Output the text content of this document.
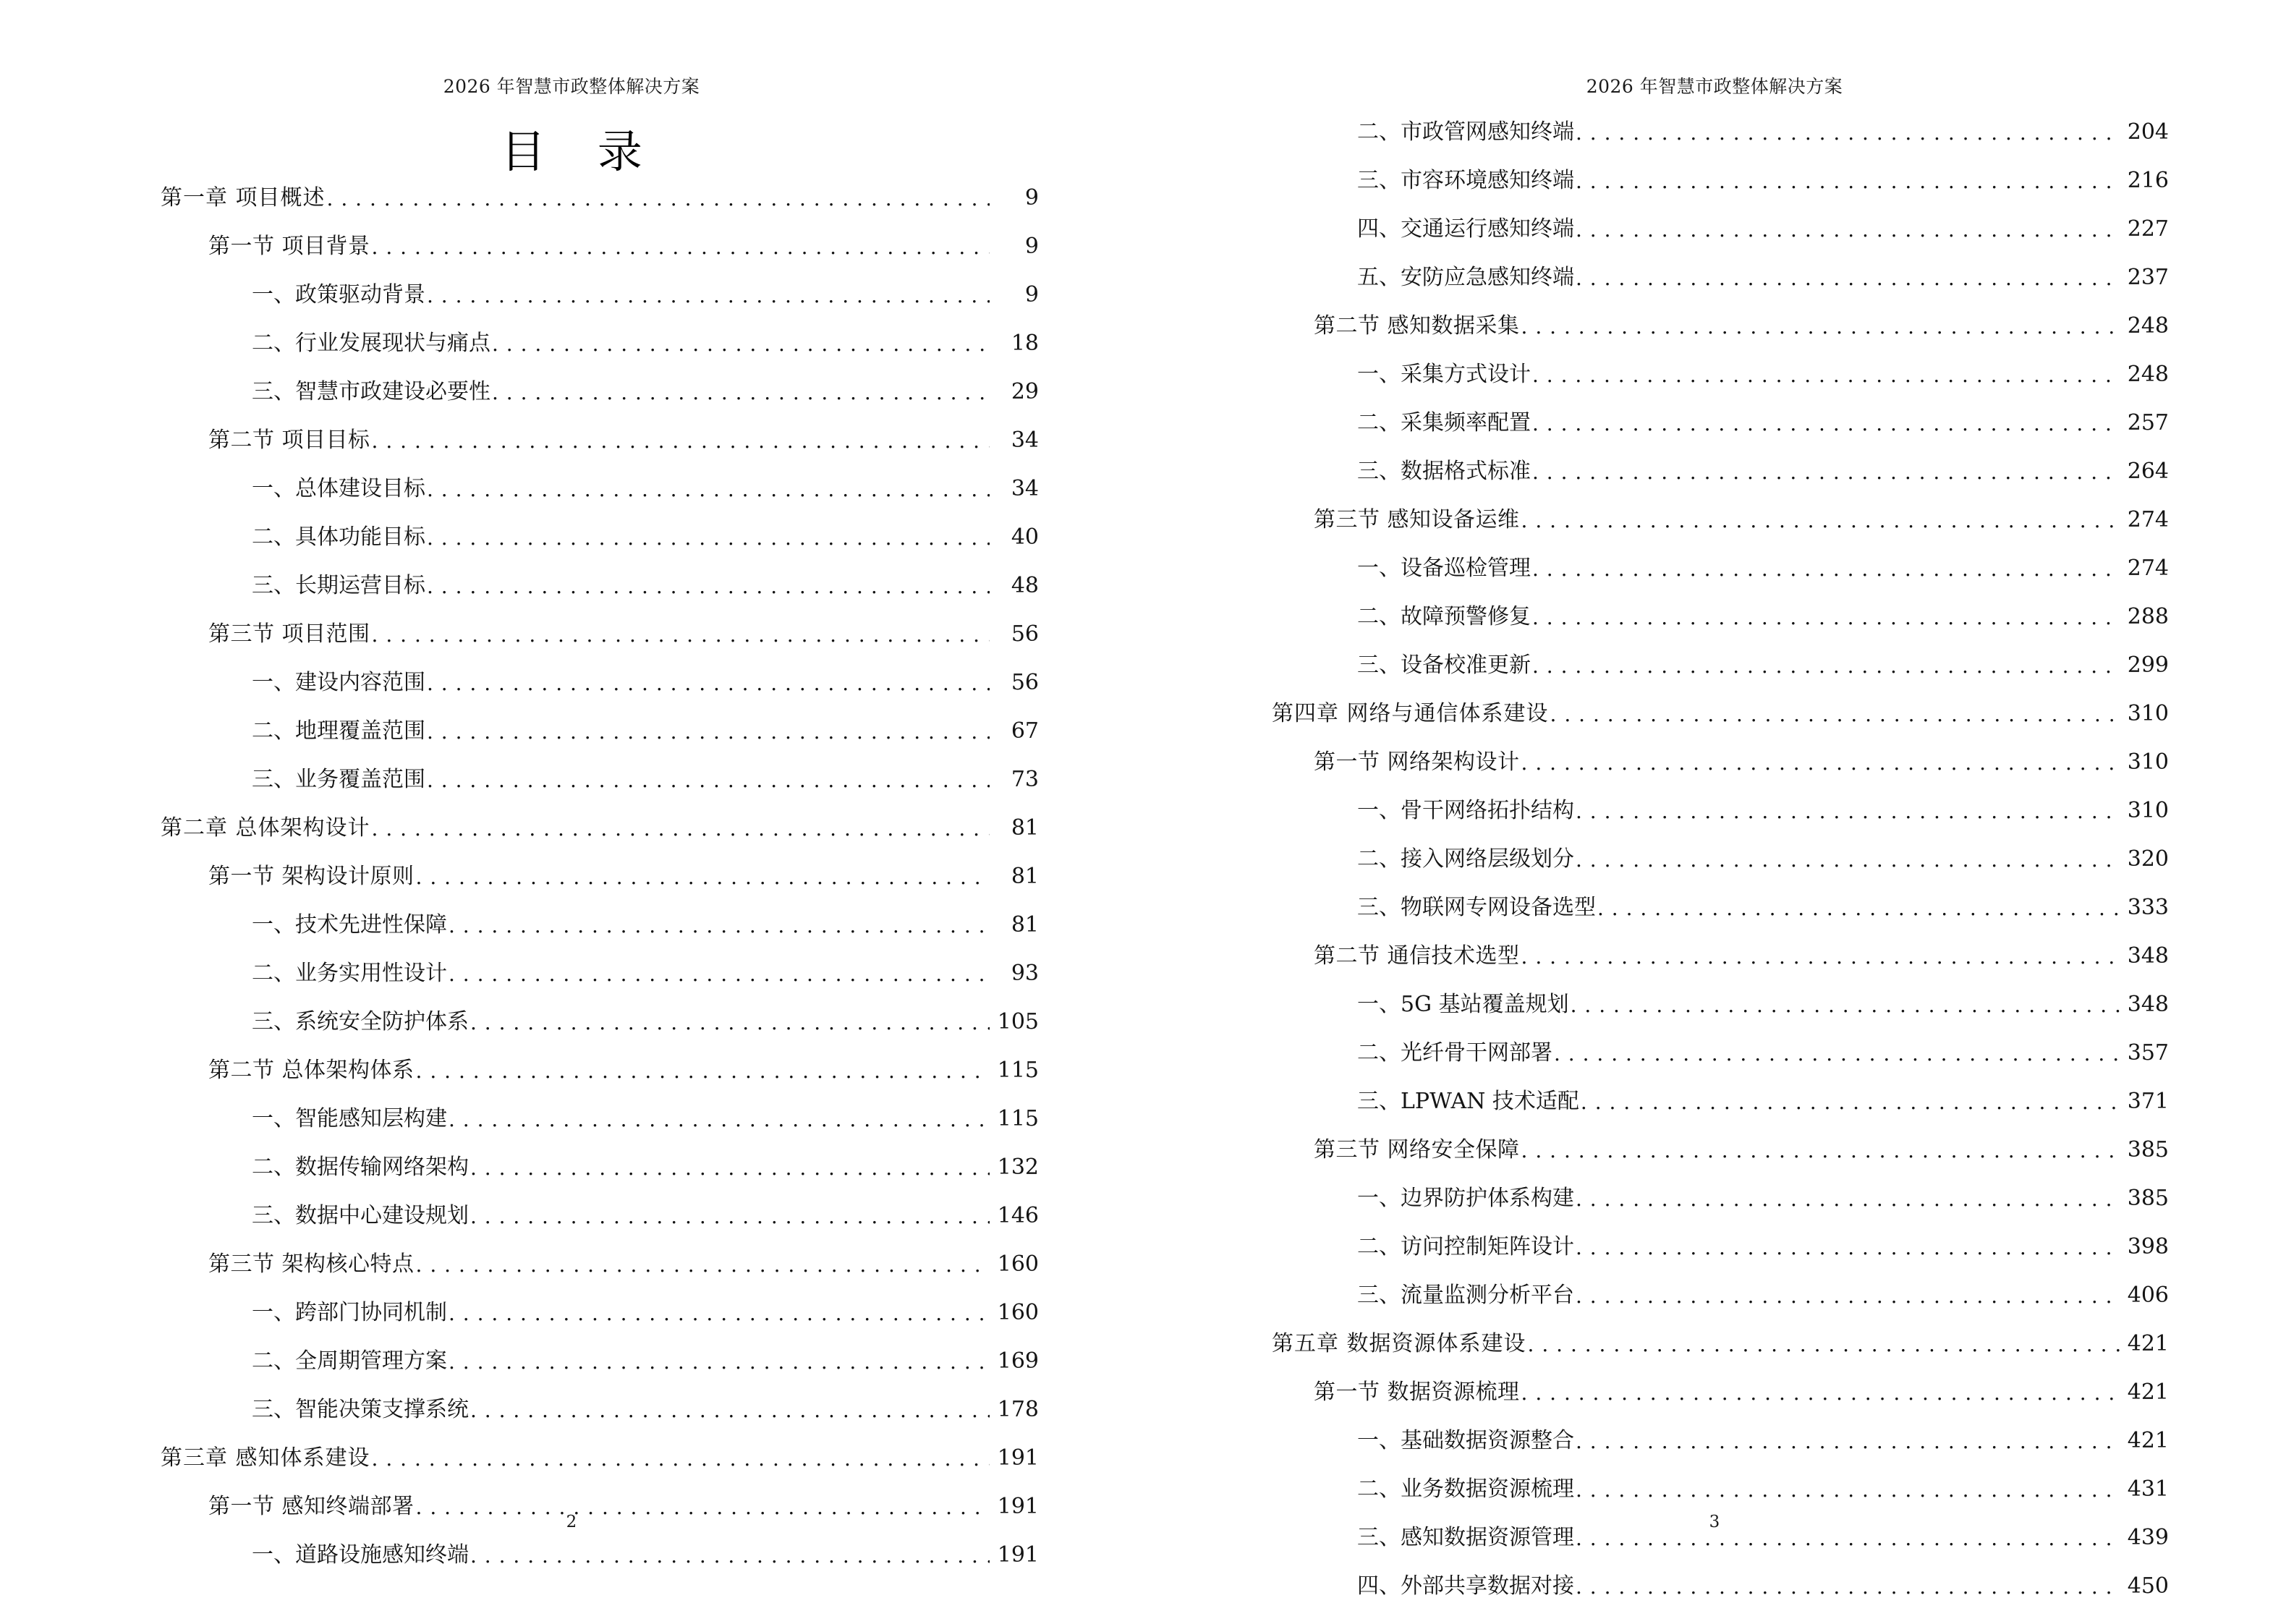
2026 年智慧市政整体解决方案
目 录
第一章 项目概述 . . .	9
第一节 项目背景 . . .	9
一、政策驱动背景 . . .	9
二、行业发展现状与痛点 . . .	18
三、智慧市政建设必要性 . . .	29
第二节 项目目标 . . .	34
一、总体建设目标 . . .	34
二、具体功能目标 . . .	40
三、长期运营目标 . . .	48
第三节 项目范围 . . .	56
一、建设内容范围 . . .	56
二、地理覆盖范围 . . .	67
三、业务覆盖范围 . . .	73
第二章 总体架构设计 . . .	81
第一节 架构设计原则 . . .	81
一、技术先进性保障 . . .	81
二、业务实用性设计 . . .	93
三、系统安全防护体系 . . .	105
第二节 总体架构体系 . . .	115
一、智能感知层构建 . . .	115
二、数据传输网络架构 . . .	132
三、数据中心建设规划 . . .	146
第三节 架构核心特点 . . .	160
一、跨部门协同机制 . . .	160
二、全周期管理方案 . . .	169
三、智能决策支撑系统 . . .	178
第三章 感知体系建设 . . .	191
第一节 感知终端部署 . . .	191
一、道路设施感知终端 . . .	191
2
2026 年智慧市政整体解决方案
二、市政管网感知终端 . . .	204
三、市容环境感知终端 . . .	216
四、交通运行感知终端 . . .	227
五、安防应急感知终端 . . .	237
第二节 感知数据采集 . . .	248
一、采集方式设计 . . .	248
二、采集频率配置 . . .	257
三、数据格式标准 . . .	264
第三节 感知设备运维 . . .	274
一、设备巡检管理 . . .	274
二、故障预警修复 . . .	288
三、设备校准更新 . . .	299
第四章 网络与通信体系建设 . . .	310
第一节 网络架构设计 . . .	310
一、骨干网络拓扑结构 . . .	310
二、接入网络层级划分 . . .	320
三、物联网专网设备选型 . . .	333
第二节 通信技术选型 . . .	348
一、5G 基站覆盖规划 . . .	348
二、光纤骨干网部署 . . .	357
三、LPWAN 技术适配 . . .	371
第三节 网络安全保障 . . .	385
一、边界防护体系构建 . . .	385
二、访问控制矩阵设计 . . .	398
三、流量监测分析平台 . . .	406
第五章 数据资源体系建设 . . .	421
第一节 数据资源梳理 . . .	421
一、基础数据资源整合 . . .	421
二、业务数据资源梳理 . . .	431
三、感知数据资源管理 . . .	439
四、外部共享数据对接 . . .	450
3
